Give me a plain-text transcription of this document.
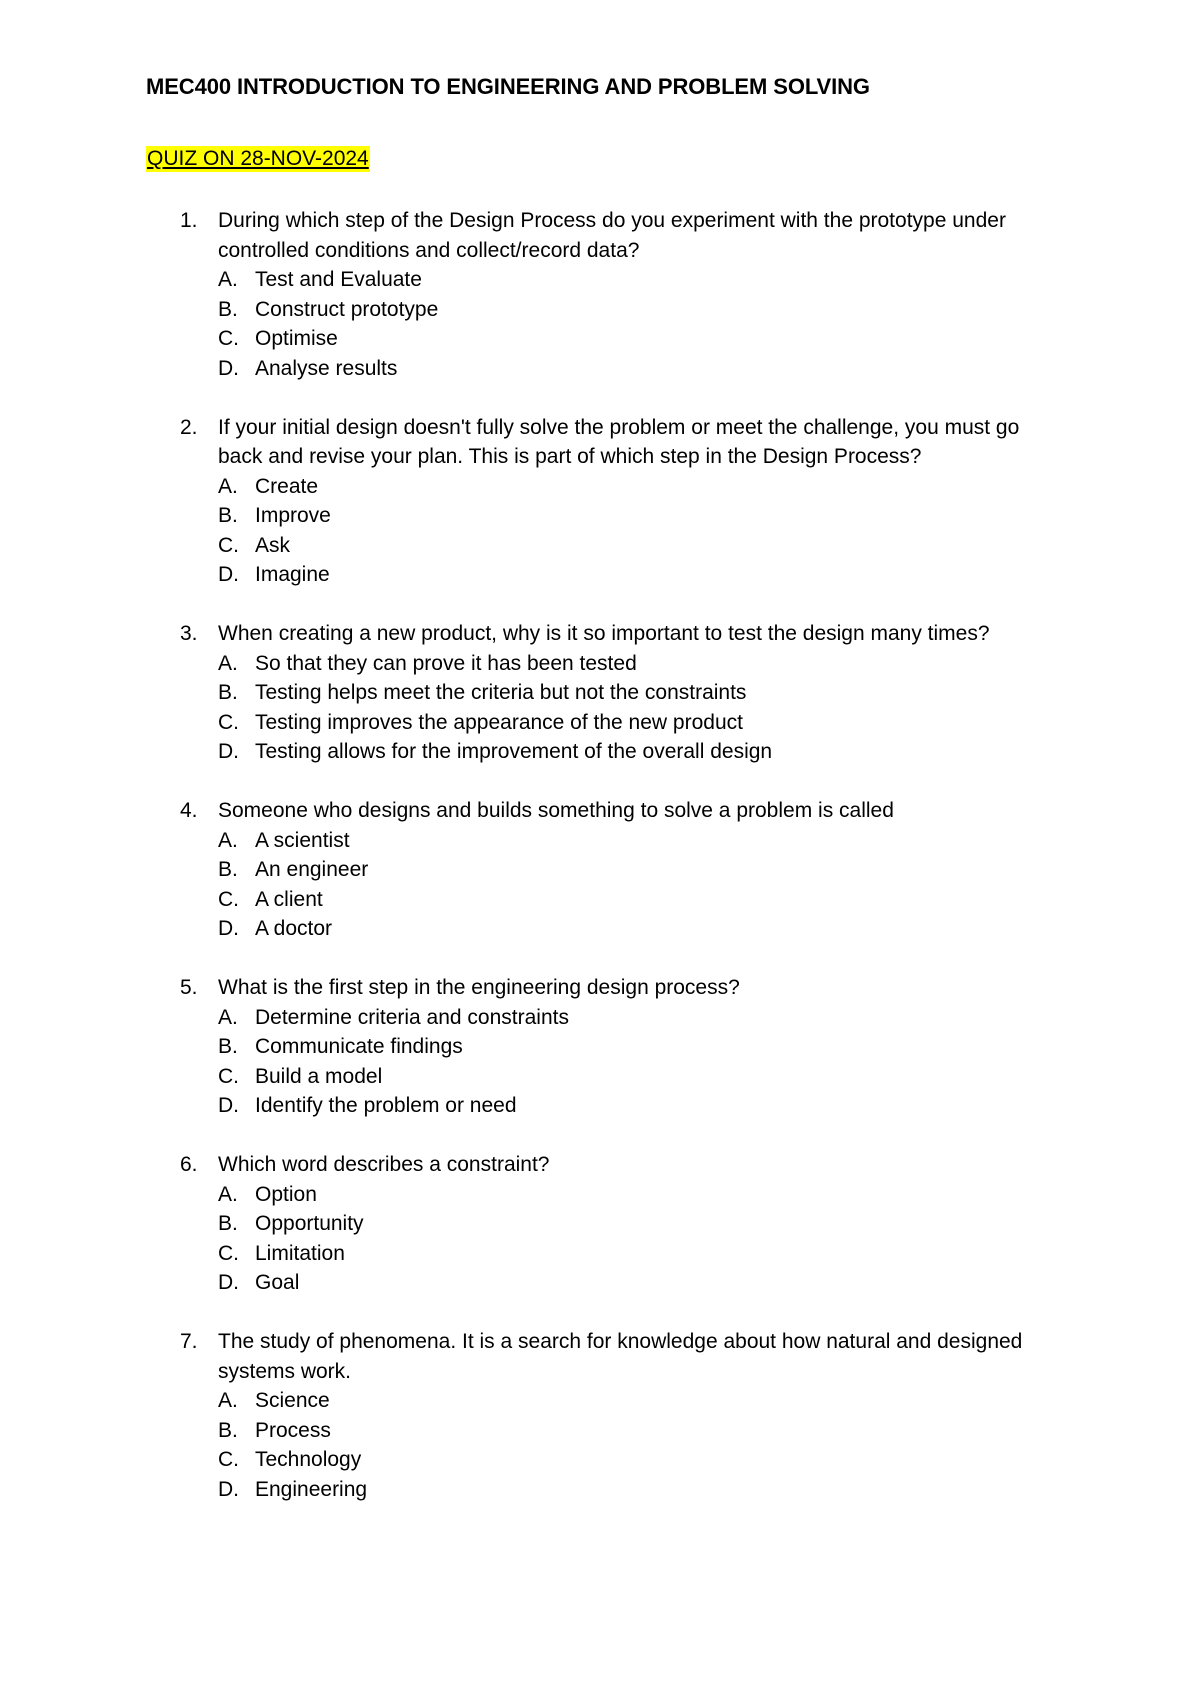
MEC400 INTRODUCTION TO ENGINEERING AND PROBLEM SOLVING
QUIZ ON 28-NOV-2024
1. During which step of the Design Process do you experiment with the prototype under controlled conditions and collect/record data?
A. Test and Evaluate
B. Construct prototype
C. Optimise
D. Analyse results
2. If your initial design doesn't fully solve the problem or meet the challenge, you must go back and revise your plan. This is part of which step in the Design Process?
A. Create
B. Improve
C. Ask
D. Imagine
3. When creating a new product, why is it so important to test the design many times?
A. So that they can prove it has been tested
B. Testing helps meet the criteria but not the constraints
C. Testing improves the appearance of the new product
D. Testing allows for the improvement of the overall design
4. Someone who designs and builds something to solve a problem is called
A. A scientist
B. An engineer
C. A client
D. A doctor
5. What is the first step in the engineering design process?
A. Determine criteria and constraints
B. Communicate findings
C. Build a model
D. Identify the problem or need
6. Which word describes a constraint?
A. Option
B. Opportunity
C. Limitation
D. Goal
7. The study of phenomena. It is a search for knowledge about how natural and designed systems work.
A. Science
B. Process
C. Technology
D. Engineering
